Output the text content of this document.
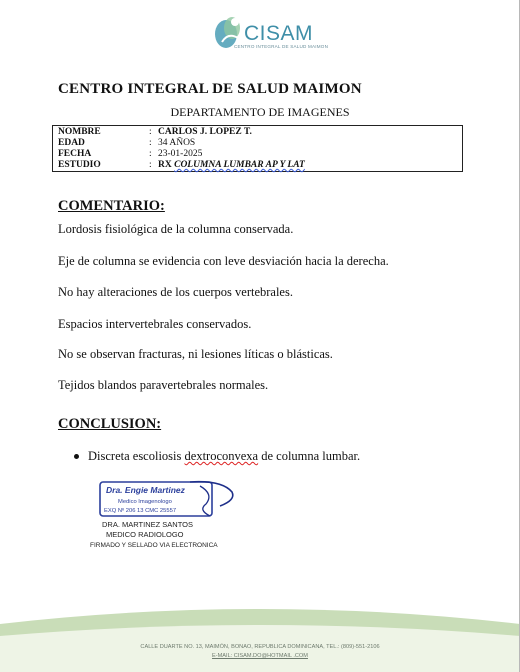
CISAM
CENTRO INTEGRAL DE SALUD MAIMON
CENTRO INTEGRAL DE SALUD MAIMON
DEPARTAMENTO DE IMAGENES
NOMBRE	: CARLOS J. LOPEZ T.
EDAD	: 34 AÑOS
FECHA	: 23-01-2025
ESTUDIO	: RX COLUMNA LUMBAR AP Y LAT
COMENTARIO:
Lordosis fisiológica de la columna conservada.
Eje de columna se evidencia con leve desviación hacia la derecha.
No hay alteraciones de los cuerpos vertebrales.
Espacios intervertebrales conservados.
No se observan fracturas, ni lesiones líticas o blásticas.
Tejidos blandos paravertebrales normales.
CONCLUSION:
Discreta escoliosis dextroconvexa de columna lumbar.
Dra. Engie Martinez
Medico Imagenologo
EXQ Nº 206 13 CMC 25557
DRA. MARTINEZ SANTOS
MEDICO RADIOLOGO
FIRMADO Y SELLADO VIA ELECTRONICA
CALLE DUARTE NO. 13, MAIMÓN, BONAO, REPUBLICA DOMINICANA, TEL.: (809)-551-2106
E-MAIL: CISAM.DO@HOTMAIL .COM
